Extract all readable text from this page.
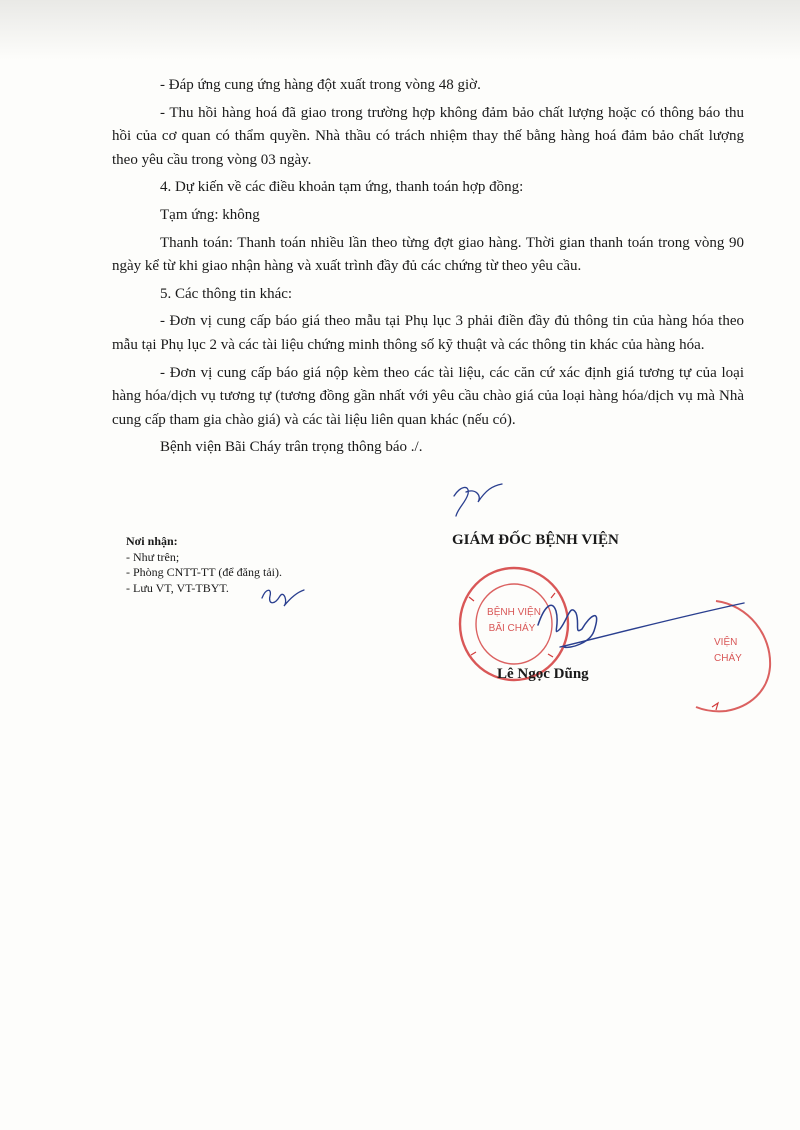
- Đáp ứng cung ứng hàng đột xuất trong vòng 48 giờ.

- Thu hồi hàng hoá đã giao trong trường hợp không đảm bảo chất lượng hoặc có thông báo thu hồi của cơ quan có thẩm quyền. Nhà thầu có trách nhiệm thay thế bằng hàng hoá đảm bảo chất lượng theo yêu cầu trong vòng 03 ngày.

4. Dự kiến về các điều khoản tạm ứng, thanh toán hợp đồng:

Tạm ứng: không

Thanh toán: Thanh toán nhiều lần theo từng đợt giao hàng. Thời gian thanh toán trong vòng 90 ngày kể từ khi giao nhận hàng và xuất trình đầy đủ các chứng từ theo yêu cầu.

5. Các thông tin khác:

- Đơn vị cung cấp báo giá theo mẫu tại Phụ lục 3 phải điền đầy đủ thông tin của hàng hóa theo mẫu tại Phụ lục 2 và các tài liệu chứng minh thông số kỹ thuật và các thông tin khác của hàng hóa.

- Đơn vị cung cấp báo giá nộp kèm theo các tài liệu, các căn cứ xác định giá tương tự của loại hàng hóa/dịch vụ tương tự (tương đồng gần nhất với yêu cầu chào giá của loại hàng hóa/dịch vụ mà Nhà cung cấp tham gia chào giá) và các tài liệu liên quan khác (nếu có).

Bệnh viện Bãi Cháy trân trọng thông báo ./.

Nơi nhận:
- Như trên;
- Phòng CNTT-TT (để đăng tải).
- Lưu VT, VT-TBYT.
GIÁM ĐỐC BỆNH VIỆN
BỆNH VIỆN
BÃI CHÁY
VIỆN
CHÁY
Lê Ngọc Dũng
